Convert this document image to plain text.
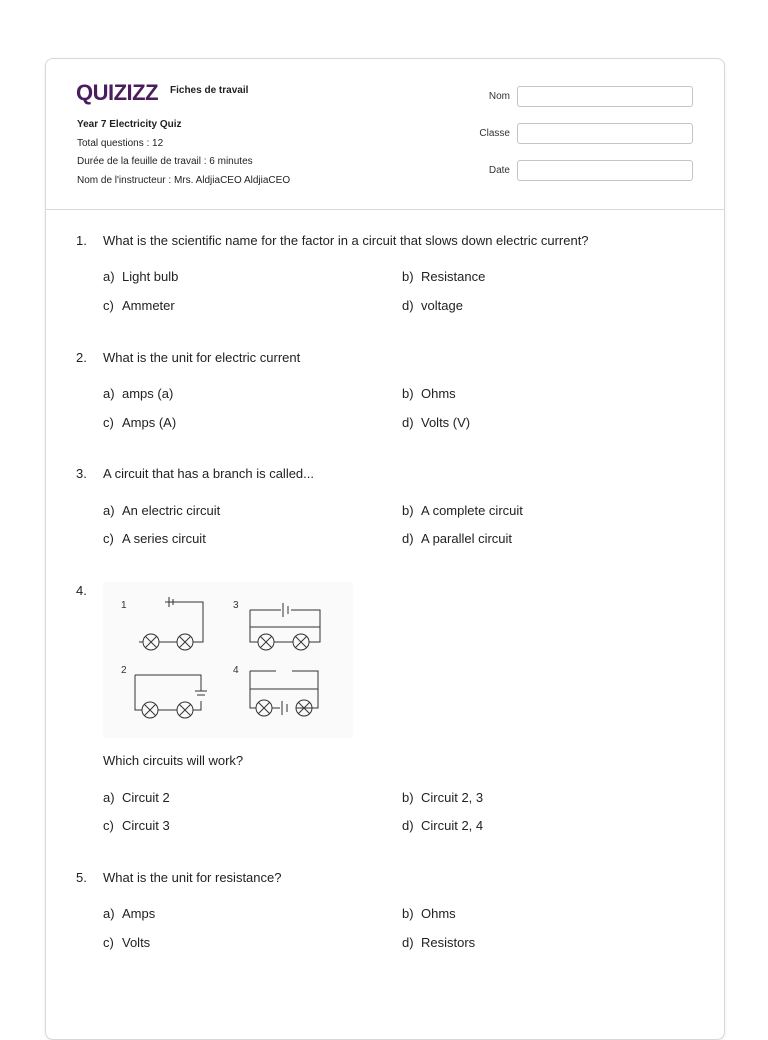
QUIZIZZ Fiches de travail
Year 7 Electricity Quiz
Total questions : 12
Durée de la feuille de travail : 6 minutes
Nom de l'instructeur : Mrs. AldjiaCEO AldjiaCEO
Nom
Classe
Date
1.	What is the scientific name for the factor in a circuit that slows down electric current?
a) Light bulb	b) Resistance
c) Ammeter	d) voltage
2.	What is the unit for electric current
a) amps (a)	b) Ohms
c) Amps (A)	d) Volts (V)
3.	A circuit that has a branch is called...
a) An electric circuit	b) A complete circuit
c) A series circuit	d) A parallel circuit
4.
1	3
2	4
Which circuits will work?
a) Circuit 2	b) Circuit 2, 3
c) Circuit 3	d) Circuit 2, 4
5.	What is the unit for resistance?
a) Amps	b) Ohms
c) Volts	d) Resistors
